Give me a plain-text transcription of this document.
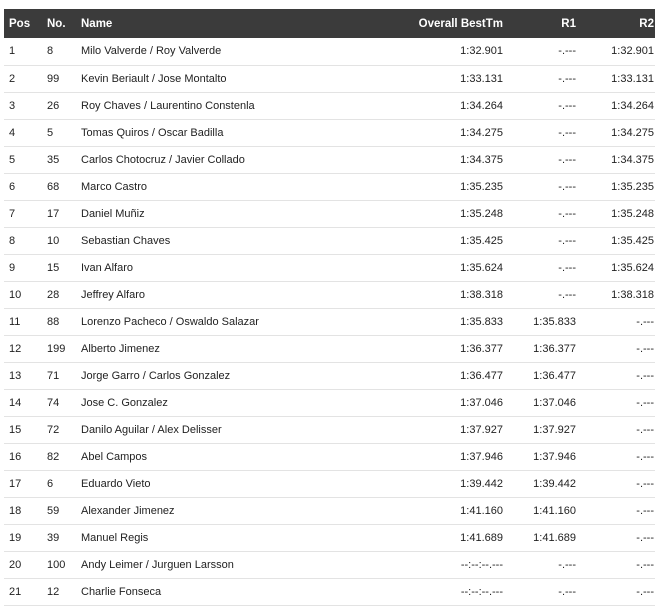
Pos	No.	Name	Overall BestTm	R1	R2
1	8	Milo Valverde / Roy Valverde	1:32.901	-.---	1:32.901
2	99	Kevin Beriault / Jose Montalto	1:33.131	-.---	1:33.131
3	26	Roy Chaves / Laurentino Constenla	1:34.264	-.---	1:34.264
4	5	Tomas Quiros / Oscar Badilla	1:34.275	-.---	1:34.275
5	35	Carlos Chotocruz / Javier Collado	1:34.375	-.---	1:34.375
6	68	Marco Castro	1:35.235	-.---	1:35.235
7	17	Daniel Muñiz	1:35.248	-.---	1:35.248
8	10	Sebastian Chaves	1:35.425	-.---	1:35.425
9	15	Ivan Alfaro	1:35.624	-.---	1:35.624
10	28	Jeffrey Alfaro	1:38.318	-.---	1:38.318
11	88	Lorenzo Pacheco / Oswaldo Salazar	1:35.833	1:35.833	-.---
12	199	Alberto Jimenez	1:36.377	1:36.377	-.---
13	71	Jorge Garro / Carlos Gonzalez	1:36.477	1:36.477	-.---
14	74	Jose C. Gonzalez	1:37.046	1:37.046	-.---
15	72	Danilo Aguilar / Alex Delisser	1:37.927	1:37.927	-.---
16	82	Abel Campos	1:37.946	1:37.946	-.---
17	6	Eduardo Vieto	1:39.442	1:39.442	-.---
18	59	Alexander Jimenez	1:41.160	1:41.160	-.---
19	39	Manuel Regis	1:41.689	1:41.689	-.---
20	100	Andy Leimer / Jurguen Larsson	--:--:--.---	-.---	-.---
21	12	Charlie Fonseca	--:--:--.---	-.---	-.---
